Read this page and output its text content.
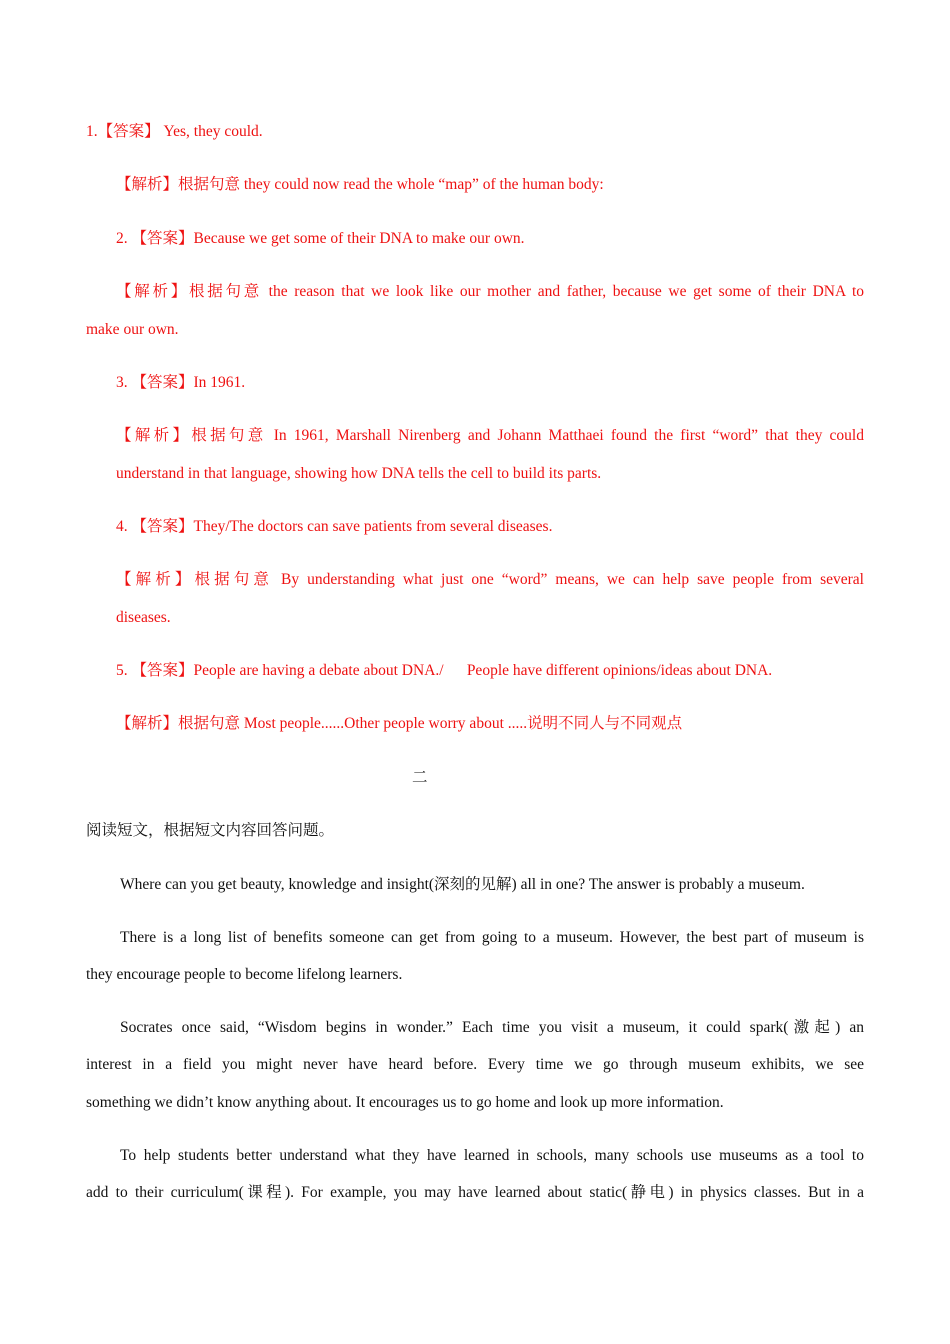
1.【答案】 Yes, they could.
【解析】根据句意 they could now read the whole “map” of the human body:
2. 【答案】Because we get some of their DNA to make our own.
【解析】根据句意 the reason that we look like our mother and father, because we get some of their DNA to
make our own.
3. 【答案】In 1961.
【解析】根据句意 In 1961, Marshall Nirenberg and Johann Matthaei found the first “word” that they could
understand in that language, showing how DNA tells the cell to build its parts.
4. 【答案】They/The doctors can save patients from several diseases.
【解析】根据句意 By understanding what just one “word” means, we can help save people from several
diseases.
5. 【答案】People are having a debate about DNA./      People have different opinions/ideas about DNA.
【解析】根据句意 Most people......Other people worry about .....说明不同人与不同观点
二
阅读短文，根据短文内容回答问题。
Where can you get beauty, knowledge and insight(深刻的见解) all in one? The answer is probably a museum.
There is a long list of benefits someone can get from going to a museum. However, the best part of museum is
they encourage people to become lifelong learners.
Socrates once said, “Wisdom begins in wonder.” Each time you visit a museum, it could spark(激起) an
interest in a field you might never have heard before. Every time we go through museum exhibits, we see
something we didn’t know anything about. It encourages us to go home and look up more information.
To help students better understand what they have learned in schools, many schools use museums as a tool to
add to their curriculum(课程). For example, you may have learned about static(静电) in physics classes. But in a
